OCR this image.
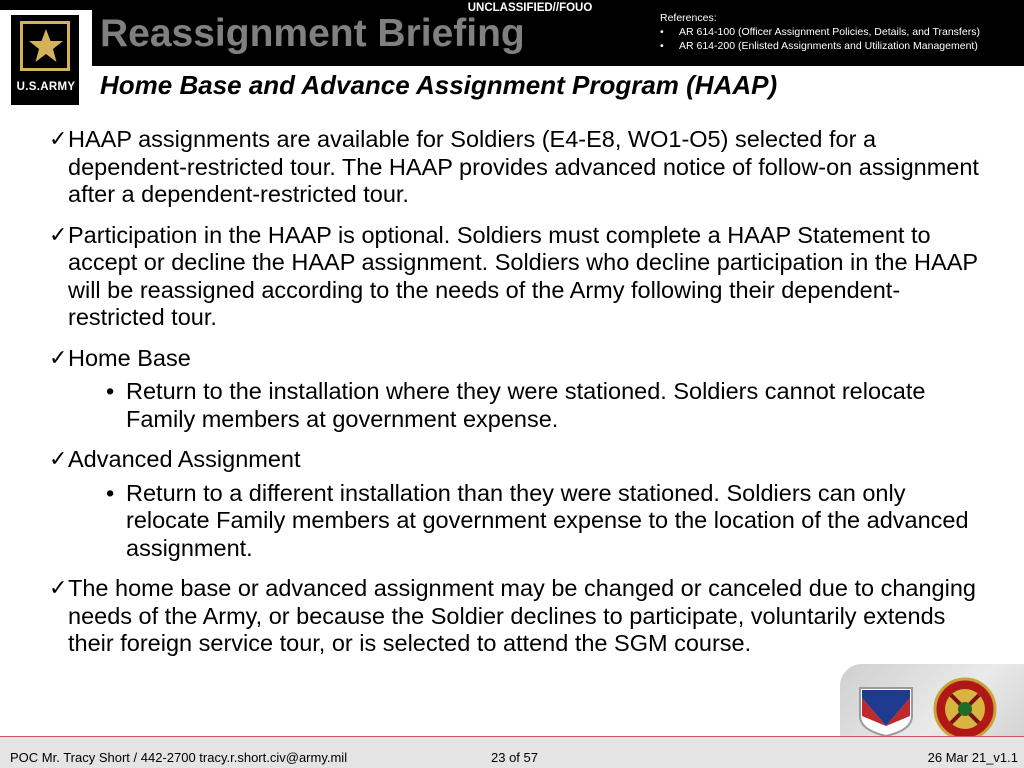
UNCLASSIFIED//FOUO
U.S.ARMY
Reassignment Briefing	References:
• AR 614-100 (Officer Assignment Policies, Details, and Transfers)
• AR 614-200 (Enlisted Assignments and Utilization Management)
Home Base and Advance Assignment Program (HAAP)
✓ HAAP assignments are available for Soldiers (E4-E8, WO1-O5) selected for a dependent-restricted tour. The HAAP provides advanced notice of follow-on assignment after a dependent-restricted tour.
✓ Participation in the HAAP is optional. Soldiers must complete a HAAP Statement to accept or decline the HAAP assignment. Soldiers who decline participation in the HAAP will be reassigned according to the needs of the Army following their dependent-restricted tour.
✓ Home Base
• Return to the installation where they were stationed. Soldiers cannot relocate Family members at government expense.
✓ Advanced Assignment
• Return to a different installation than they were stationed. Soldiers can only relocate Family members at government expense to the location of the advanced assignment.
✓ The home base or advanced assignment may be changed or canceled due to changing needs of the Army, or because the Soldier declines to participate, voluntarily extends their foreign service tour, or is selected to attend the SGM course.
POC Mr. Tracy Short / 442-2700 tracy.r.short.civ@army.mil	23 of 57	26 Mar 21_v1.1
